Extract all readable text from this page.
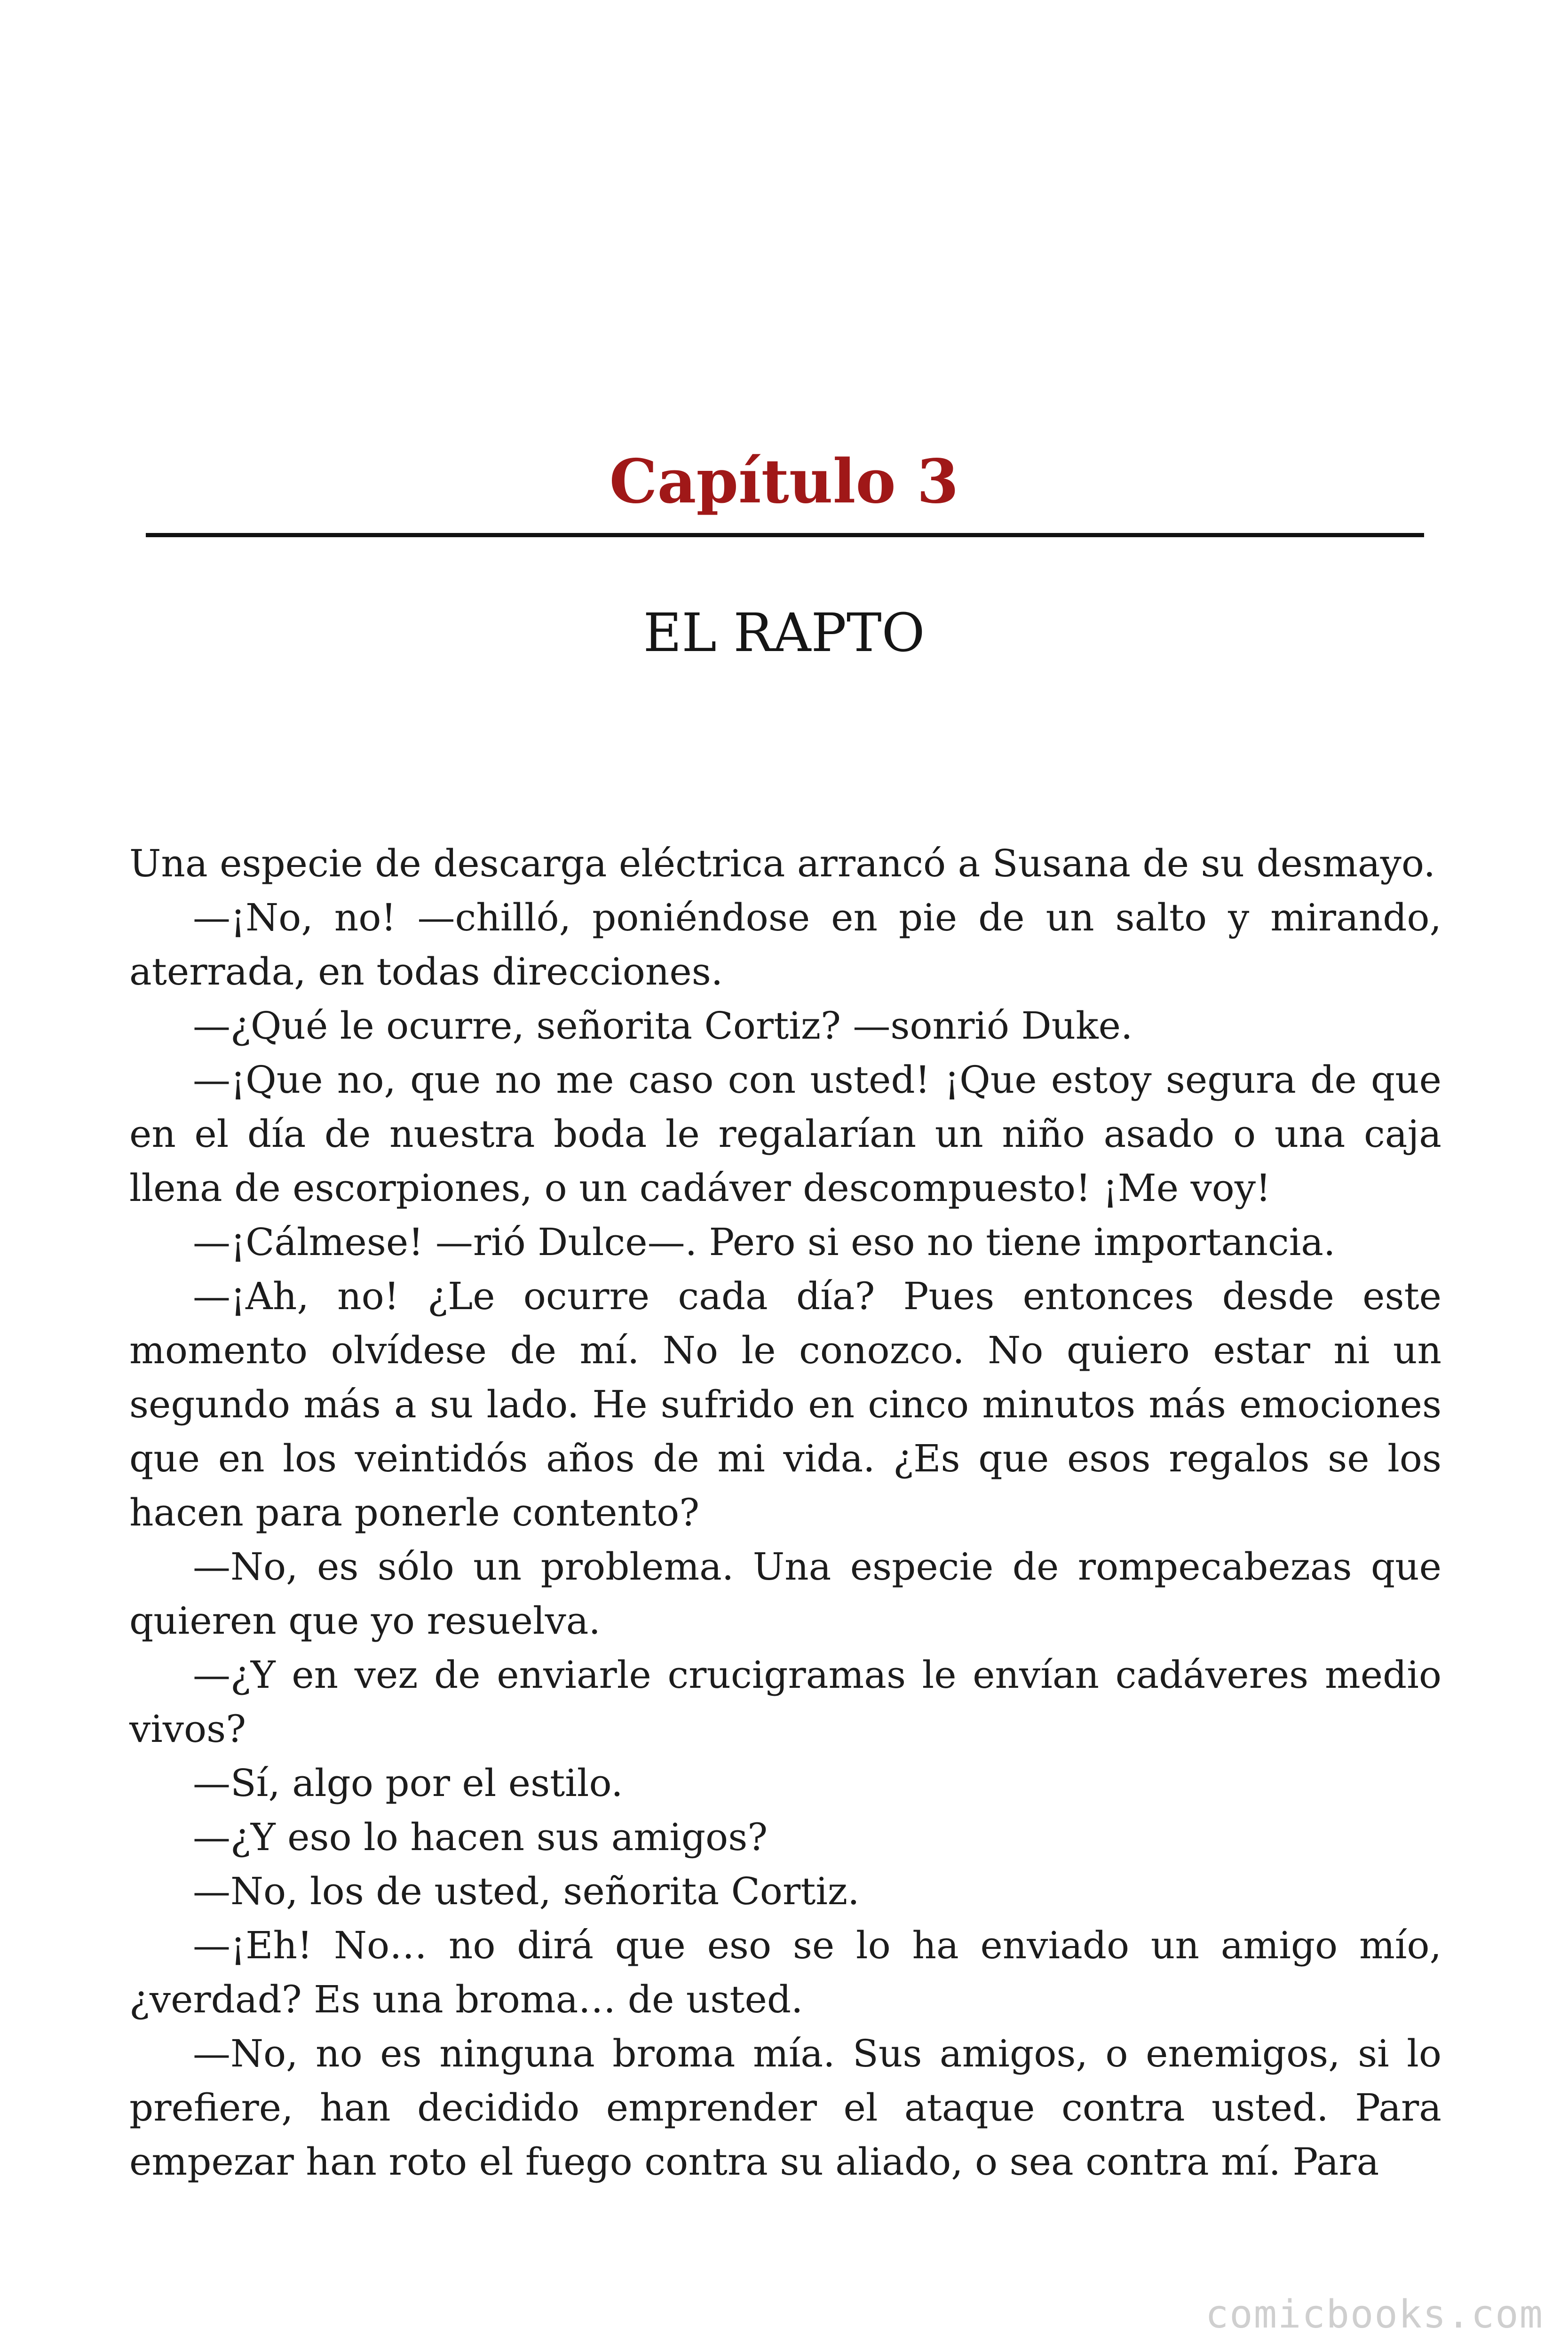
Capítulo 3
EL RAPTO

Una especie de descarga eléctrica arrancó a Susana de su desmayo.

—¡No, no! —chilló, poniéndose en pie de un salto y mirando, aterrada, en todas direcciones.

—¿Qué le ocurre, señorita Cortiz? —sonrió Duke.

—¡Que no, que no me caso con usted! ¡Que estoy segura de que en el día de nuestra boda le regalarían un niño asado o una caja llena de escorpiones, o un cadáver descompuesto! ¡Me voy!

—¡Cálmese! —rió Dulce—. Pero si eso no tiene importancia.

—¡Ah, no! ¿Le ocurre cada día? Pues entonces desde este momento olvídese de mí. No le conozco. No quiero estar ni un segundo más a su lado. He sufrido en cinco minutos más emociones que en los veintidós años de mi vida. ¿Es que esos regalos se los hacen para ponerle contento?

—No, es sólo un problema. Una especie de rompecabezas que quieren que yo resuelva.

—¿Y en vez de enviarle crucigramas le envían cadáveres medio vivos?

—Sí, algo por el estilo.

—¿Y eso lo hacen sus amigos?

—No, los de usted, señorita Cortiz.

—¡Eh! No… no dirá que eso se lo ha enviado un amigo mío, ¿verdad? Es una broma… de usted.

—No, no es ninguna broma mía. Sus amigos, o enemigos, si lo prefiere, han decidido emprender el ataque contra usted. Para empezar han roto el fuego contra su aliado, o sea contra mí. Para

comicbooks.com
